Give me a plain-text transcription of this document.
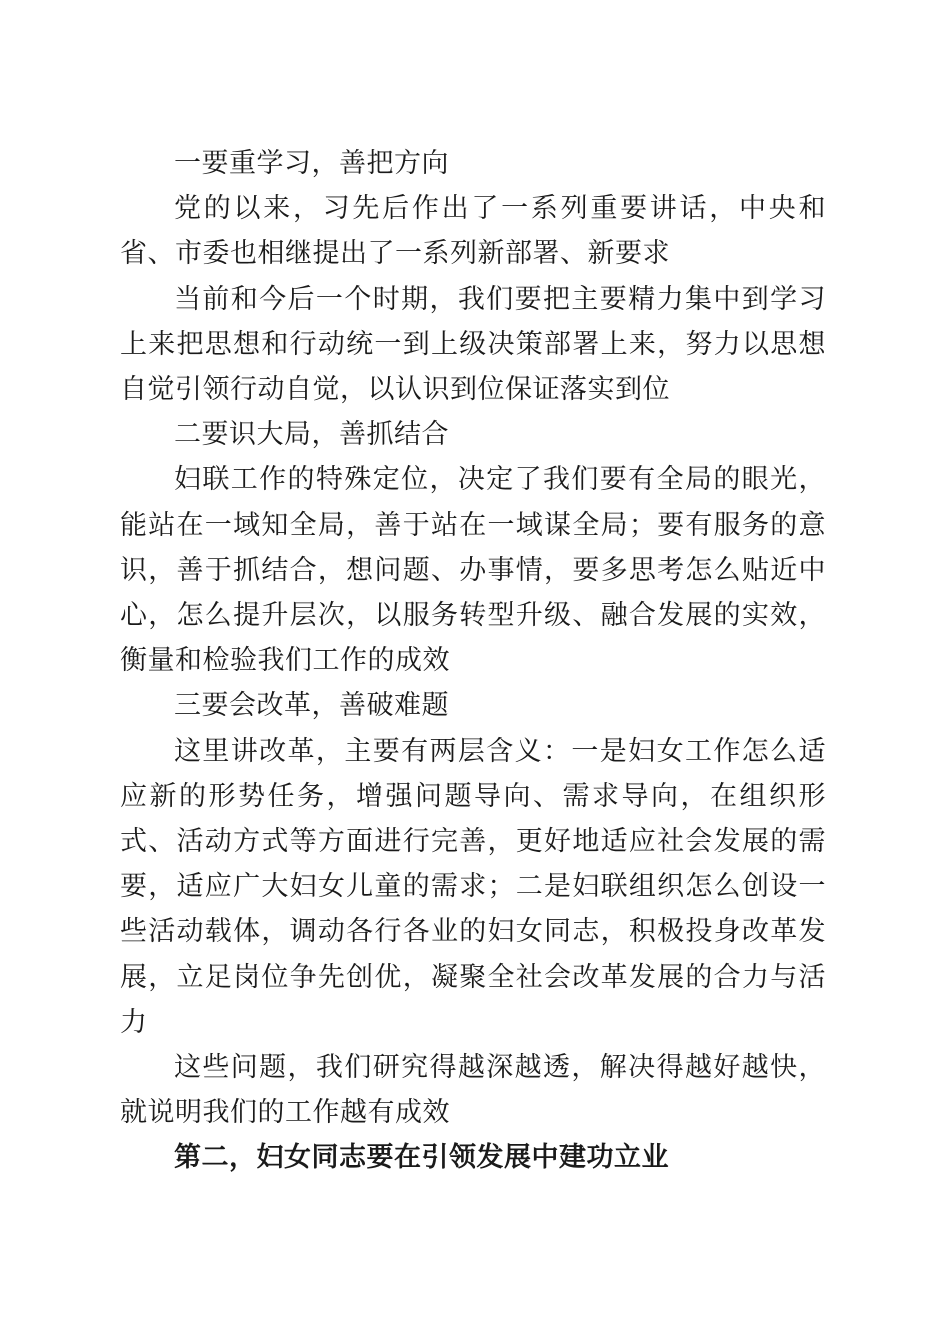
一要重学习，善把方向

党的以来，习先后作出了一系列重要讲话，中央和省、市委也相继提出了一系列新部署、新要求

当前和今后一个时期，我们要把主要精力集中到学习上来把思想和行动统一到上级决策部署上来，努力以思想自觉引领行动自觉，以认识到位保证落实到位

二要识大局，善抓结合

妇联工作的特殊定位，决定了我们要有全局的眼光，能站在一域知全局，善于站在一域谋全局；要有服务的意识，善于抓结合，想问题、办事情，要多思考怎么贴近中心，怎么提升层次，以服务转型升级、融合发展的实效，衡量和检验我们工作的成效

三要会改革，善破难题

这里讲改革，主要有两层含义：一是妇女工作怎么适应新的形势任务，增强问题导向、需求导向，在组织形式、活动方式等方面进行完善，更好地适应社会发展的需要，适应广大妇女儿童的需求；二是妇联组织怎么创设一些活动载体，调动各行各业的妇女同志，积极投身改革发展，立足岗位争先创优，凝聚全社会改革发展的合力与活力

这些问题，我们研究得越深越透，解决得越好越快，就说明我们的工作越有成效

第二，妇女同志要在引领发展中建功立业
